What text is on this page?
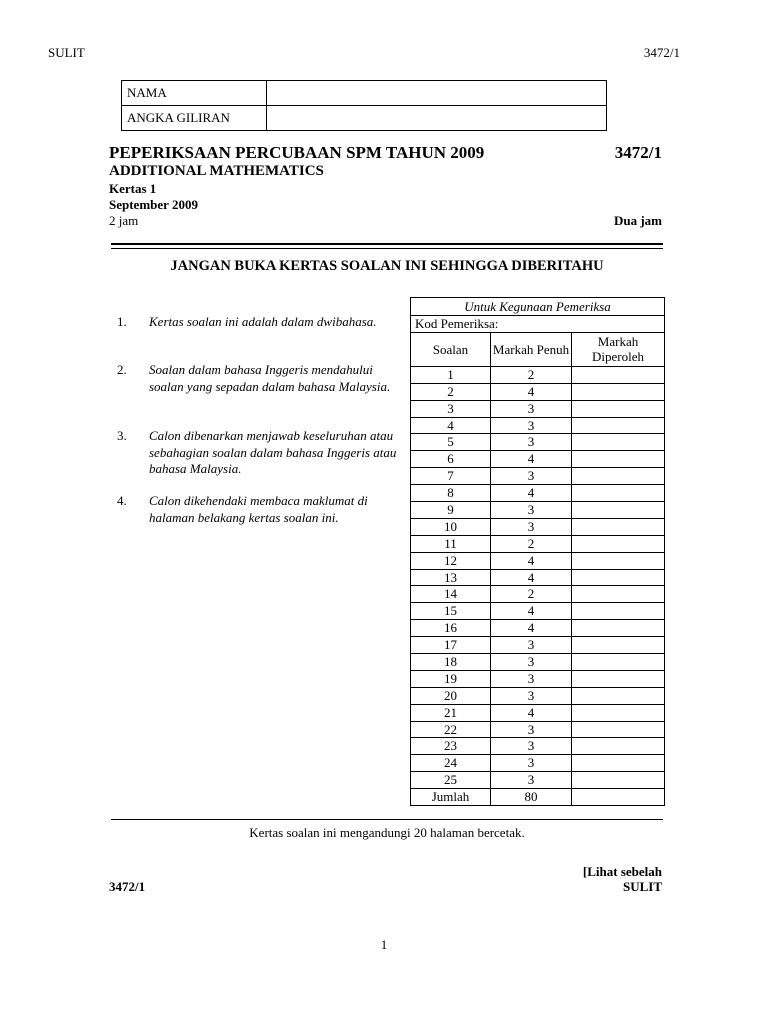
SULIT	3472/1
NAMA	
ANGKA GILIRAN	
PEPERIKSAAN PERCUBAAN SPM TAHUN 2009	3472/1
ADDITIONAL MATHEMATICS
Kertas 1
September 2009
2 jam	Dua jam
JANGAN BUKA KERTAS SOALAN INI SEHINGGA DIBERITAHU
1. Kertas soalan ini adalah dalam dwibahasa.
2. Soalan dalam bahasa Inggeris mendahului soalan yang sepadan dalam bahasa Malaysia.
3. Calon dibenarkan menjawab keseluruhan atau sebahagian soalan dalam bahasa Inggeris atau bahasa Malaysia.
4. Calon dikehendaki membaca maklumat di halaman belakang kertas soalan ini.
Untuk Kegunaan Pemeriksa		
Kod Pemeriksa:		
Soalan	Markah Penuh	Markah Diperoleh
1	2	
2	4	
3	3	
4	3	
5	3	
6	4	
7	3	
8	4	
9	3	
10	3	
11	2	
12	4	
13	4	
14	2	
15	4	
16	4	
17	3	
18	3	
19	3	
20	3	
21	4	
22	3	
23	3	
24	3	
25	3	
Jumlah	80	
Kertas soalan ini mengandungi 20 halaman bercetak.
[Lihat sebelah
3472/1	SULIT
1
